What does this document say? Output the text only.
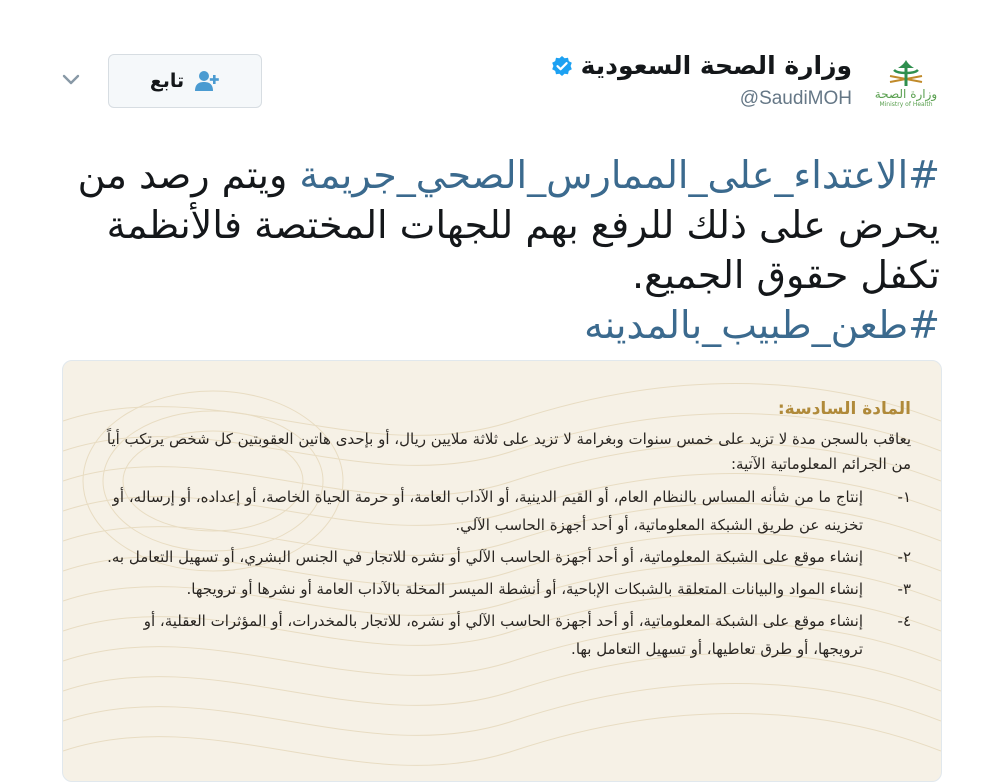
تابع
وزارة الصحة السعودية
@SaudiMOH	وزارة الصحة
Ministry of Health

#الاعتداء_على_الممارس_الصحي_جريمة ويتم رصد من يحرض على ذلك للرفع بهم للجهات المختصة فالأنظمة تكفل حقوق الجميع.
#طعن_طبيب_بالمدينه

المادة السادسة:

يعاقب بالسجن مدة لا تزيد على خمس سنوات وبغرامة لا تزيد على ثلاثة ملايين ريال، أو بإحدى هاتين العقوبتين كل شخص يرتكب أياً من الجرائم المعلوماتية الآتية:

١-
إنتاج ما من شأنه المساس بالنظام العام، أو القيم الدينية، أو الآداب العامة، أو حرمة الحياة الخاصة، أو إعداده، أو إرساله، أو تخزينه عن طريق الشبكة المعلوماتية، أو أحد أجهزة الحاسب الآلي.
٢-
إنشاء موقع على الشبكة المعلوماتية، أو أحد أجهزة الحاسب الآلي أو نشره للاتجار في الجنس البشري، أو تسهيل التعامل به.
٣-
إنشاء المواد والبيانات المتعلقة بالشبكات الإباحية، أو أنشطة الميسر المخلة بالآداب العامة أو نشرها أو ترويجها.
٤-
إنشاء موقع على الشبكة المعلوماتية، أو أحد أجهزة الحاسب الآلي أو نشره، للاتجار بالمخدرات، أو المؤثرات العقلية، أو ترويجها، أو طرق تعاطيها، أو تسهيل التعامل بها.
